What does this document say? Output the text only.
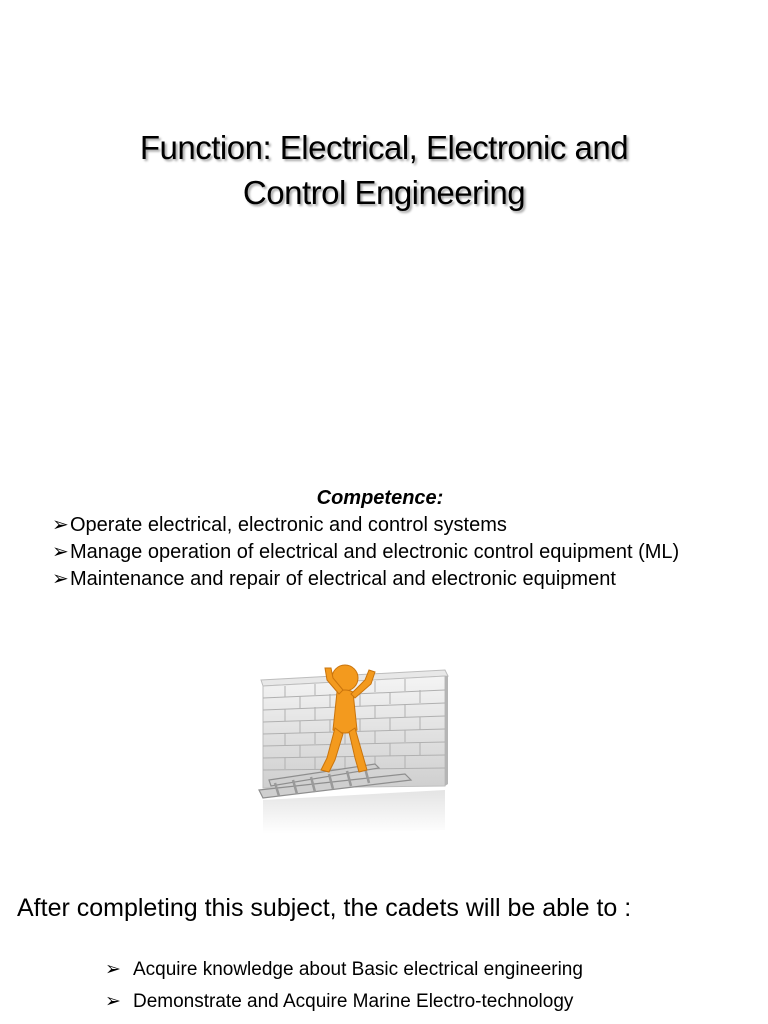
Function: Electrical, Electronic and
Control Engineering
Competence:
➢ Operate electrical, electronic and control systems
➢ Manage operation of electrical and electronic control equipment (ML)
➢ Maintenance and repair of electrical and electronic equipment
After completing this subject, the cadets will be able to :
➢ Acquire knowledge about Basic electrical engineering
➢ Demonstrate and Acquire Marine Electro-technology
